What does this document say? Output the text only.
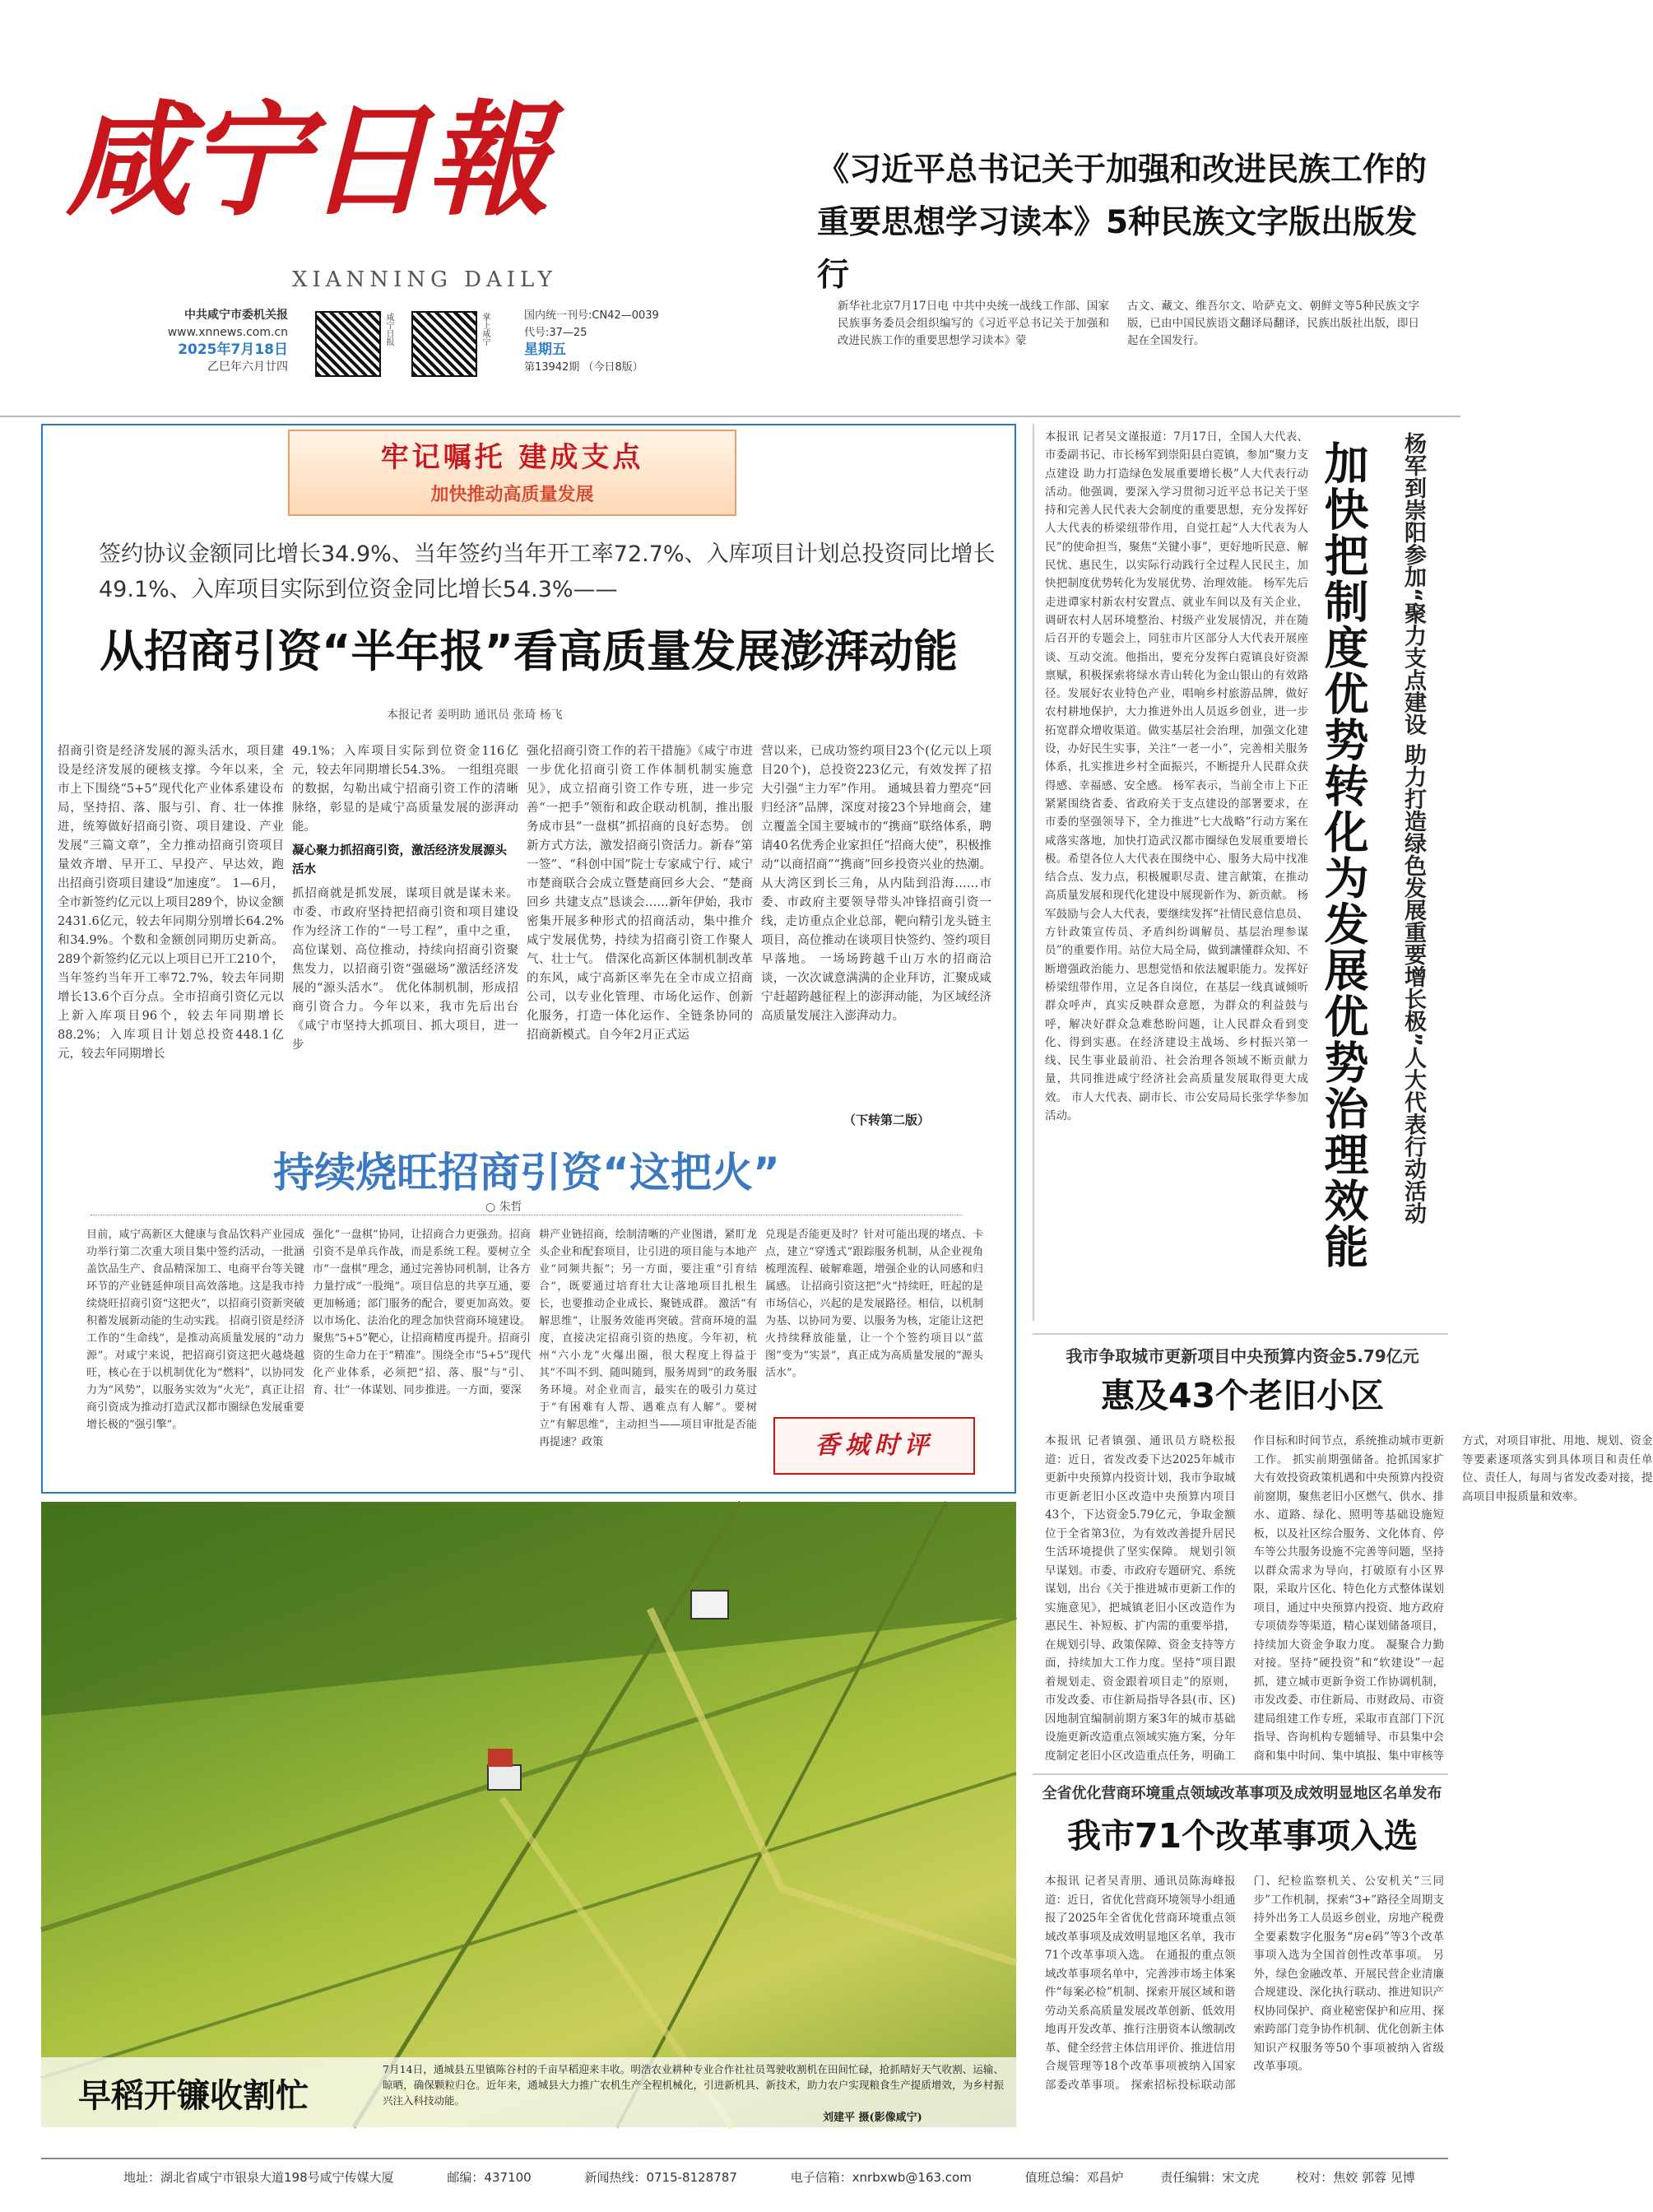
咸宁日報
XIANNING DAILY
中共咸宁市委机关报
www.xnnews.com.cn
2025年7月18日
乙巳年六月廿四
咸宁日报	掌上咸宁	国内统一刊号:CN42—0039
代号:37—25
星期五
第13942期 （今日8版）
《习近平总书记关于加强和改进民族工作的
重要思想学习读本》5种民族文字版出版发行
新华社北京7月17日电 中共中央统一战线工作部、国家民族事务委员会组织编写的《习近平总书记关于加强和改进民族工作的重要思想学习读本》蒙
古文、藏文、维吾尔文、哈萨克文、朝鲜文等5种民族文字版，已由中国民族语文翻译局翻译，民族出版社出版，即日起在全国发行。
牢记嘱托 建成支点
加快推动高质量发展
签约协议金额同比增长34.9%、当年签约当年开工率72.7%、入库项目计划总投资同比增长49.1%、入库项目实际到位资金同比增长54.3%——
从招商引资“半年报”看高质量发展澎湃动能
本报记者 姜明助 通讯员 张琦 杨飞
招商引资是经济发展的源头活水，项目建设是经济发展的硬核支撑。今年以来，全市上下围绕“5+5”现代化产业体系建设布局，坚持招、落、服与引、育、壮一体推进，统筹做好招商引资、项目建设、产业发展“三篇文章”，全力推动招商引资项目量效齐增、早开工、早投产、早达效，跑出招商引资项目建设“加速度”。 1—6月，全市新签约亿元以上项目289个，协议金额2431.6亿元，较去年同期分别增长64.2%和34.9%。个数和金额创同期历史新高。289个新签约亿元以上项目已开工210个，当年签约当年开工率72.7%，较去年同期增长13.6个百分点。全市招商引资亿元以上新入库项目96个，较去年同期增长88.2%；入库项目计划总投资448.1亿元，较去年同期增长
49.1%；入库项目实际到位资金116亿元，较去年同期增长54.3%。 一组组亮眼的数据，勾勒出咸宁招商引资工作的清晰脉络，彰显的是咸宁高质量发展的澎湃动能。
凝心聚力抓招商引资，激活经济发展源头活水
抓招商就是抓发展，谋项目就是谋未来。 市委、市政府坚持把招商引资和项目建设作为经济工作的“一号工程”，重中之重，高位谋划、高位推动，持续向招商引资聚焦发力，以招商引资“强磁场”激活经济发展的“源头活水”。 优化体制机制，形成招商引资合力。今年以来，我市先后出台《咸宁市坚持大抓项目、抓大项目，进一步
强化招商引资工作的若干措施》《咸宁市进一步优化招商引资工作体制机制实施意见》，成立招商引资工作专班，进一步完善“一把手”领衔和政企联动机制，推出服务成市县“一盘棋”抓招商的良好态势。 创新方式方法，激发招商引资活力。新春“第一签”、“科创中国”院士专家咸宁行、咸宁市楚商联合会成立暨楚商回乡大会、“楚商回乡 共建支点”恳谈会……新年伊始，我市密集开展多种形式的招商活动，集中推介咸宁发展优势，持续为招商引资工作聚人气、壮士气。 借深化高新区体制机制改革的东风，咸宁高新区率先在全市成立招商公司，以专业化管理、市场化运作、创新化服务，打造一体化运作、全链条协同的招商新模式。自今年2月正式运
营以来，已成功签约项目23个(亿元以上项目20个)，总投资223亿元，有效发挥了招大引强“主力军”作用。 通城县着力塑亮“回归经济”品牌，深度对接23个异地商会，建立覆盖全国主要城市的“携商”联络体系，聘请40名优秀企业家担任“招商大使”，积极推动“以商招商”“携商”回乡投资兴业的热潮。 从大湾区到长三角，从内陆到沿海……市委、市政府主要领导带头冲锋招商引资一线，走访重点企业总部，靶向精引龙头链主项目，高位推动在谈项目快签约、签约项目早落地。 一场场跨越千山万水的招商洽谈，一次次诚意满满的企业拜访，汇聚成咸宁赶超跨越征程上的澎湃动能，为区域经济高质量发展注入澎湃动力。
（下转第二版）
持续烧旺招商引资“这把火”
○ 朱哲
目前，咸宁高新区大健康与食品饮料产业园成功举行第二次重大项目集中签约活动，一批涵盖饮品生产、食品精深加工、电商平台等关键环节的产业链延伸项目高效落地。这是我市持续烧旺招商引资“这把火”，以招商引资新突破积蓄发展新动能的生动实践。 招商引资是经济工作的“生命线”，是推动高质量发展的“动力源”。对咸宁来说，把招商引资这把火越烧越旺，核心在于以机制优化为“燃料”，以协同发力为“风势”，以服务实效为“火光”，真正让招商引资成为推动打造武汉都市圈绿色发展重要增长极的“强引擎”。
强化“一盘棋”协同，让招商合力更强劲。招商引资不是单兵作战，而是系统工程。要树立全市“一盘棋”理念，通过完善协同机制，让各方力量拧成“一股绳”。项目信息的共享互通，要更加畅通；部门服务的配合，要更加高效。要以市场化、法治化的理念加快营商环境建设。 聚焦“5+5”靶心，让招商精度再提升。招商引资的生命力在于“精准”。围绕全市“5+5”现代化产业体系，必须把“招、落、服”与“引、育、壮”一体谋划、同步推进。一方面，要深
耕产业链招商，绘制清晰的产业图谱，紧盯龙头企业和配套项目，让引进的项目能与本地产业“同频共振”；另一方面，要注重“引育结合”，既要通过培育壮大让落地项目扎根生长，也要推动企业成长、聚链成群。 激活“有解思维”，让服务效能再突破。营商环境的温度，直接决定招商引资的热度。今年初，杭州“六小龙”火爆出圈，很大程度上得益于其“不叫不到、随叫随到，服务周到”的政务服务环境。对企业而言，最实在的吸引力莫过于“有困难有人帮、遇难点有人解”。要树立“有解思维”，主动担当——项目审批是否能再提速？政策
兑现是否能更及时？针对可能出现的堵点、卡点，建立“穿透式”跟踪服务机制，从企业视角梳理流程、破解难题，增强企业的认同感和归属感。 让招商引资这把“火”持续旺，旺起的是市场信心，兴起的是发展路径。相信，以机制为基、以协同为要、以服务为核，定能让这把火持续释放能量，让一个个签约项目以“蓝图”变为“实景”，真正成为高质量发展的“源头活水”。
香城时评
早稻开镰收割忙
7月14日，通城县五里镇陈谷村的千亩早稻迎来丰收。明浩农业耕种专业合作社社员驾驶收割机在田间忙碌，抢抓晴好天气收割、运输、晾晒，确保颗粒归仓。近年来，通城县大力推广农机生产全程机械化，引进新机具、新技术，助力农户实现粮食生产提质增效，为乡村振兴注入科技动能。
刘建平 摄(影像咸宁)
杨军到崇阳参加“聚力支点建设 助力打造绿色发展重要增长极”人大代表行动活动
加快把制度优势转化为发展优势治理效能
本报讯 记者吴文谨报道：7月17日，全国人大代表、市委副书记、市长杨军到崇阳县白霓镇，参加“聚力支点建设 助力打造绿色发展重要增长极”人大代表行动活动。他强调，要深入学习贯彻习近平总书记关于坚持和完善人民代表大会制度的重要思想，充分发挥好人大代表的桥梁纽带作用，自觉扛起“人大代表为人民”的使命担当，聚焦“关键小事”，更好地听民意、解民忧、惠民生，以实际行动践行全过程人民民主，加快把制度优势转化为发展优势、治理效能。 杨军先后走进谭家村新农村安置点、就业车间以及有关企业，调研农村人居环境整治、村级产业发展情况，并在随后召开的专题会上，同驻市片区部分人大代表开展座谈、互动交流。他指出，要充分发挥白霓镇良好资源禀赋，积极探索将绿水青山转化为金山银山的有效路径。发展好农业特色产业，唱响乡村旅游品牌，做好农村耕地保护，大力推进外出人员返乡创业，进一步拓宽群众增收渠道。做实基层社会治理，加强文化建设，办好民生实事，关注“一老一小”，完善相关服务体系，扎实推进乡村全面振兴，不断提升人民群众获得感、幸福感、安全感。 杨军表示，当前全市上下正紧紧围绕省委、省政府关于支点建设的部署要求，在市委的坚强领导下，全力推进“七大战略”行动方案在咸落实落地，加快打造武汉都市圈绿色发展重要增长极。希望各位人大代表在围绕中心、服务大局中找准结合点、发力点，积极履职尽责、建言献策，在推动高质量发展和现代化建设中展现新作为、新贡献。 杨军鼓励与会人大代表，要继续发挥“社情民意信息员、方针政策宣传员、矛盾纠纷调解员、基层治理参谋员”的重要作用。站位大局全局，做到讓懂群众知、不断增强政治能力、思想觉悟和依法履职能力。发挥好桥梁纽带作用，立足各自岗位，在基层一线真诚倾听群众呼声，真实反映群众意愿，为群众的利益鼓与呼，解决好群众急难愁盼问题，让人民群众看到变化、得到实惠。在经济建设主战场、乡村振兴第一线、民生事业最前沿、社会治理各领域不断贡献力量，共同推进咸宁经济社会高质量发展取得更大成效。 市人大代表、副市长、市公安局局长张学华参加活动。
我市争取城市更新项目中央预算内资金5.79亿元
惠及43个老旧小区
本报讯 记者镇强、通讯员方晓松报道：近日，省发改委下达2025年城市更新中央预算内投资计划，我市争取城市更新老旧小区改造中央预算内项目43个，下达资金5.79亿元，争取金额位于全省第3位，为有效改善提升居民生活环境提供了坚实保障。 规划引领早谋划。市委、市政府专题研究、系统谋划，出台《关于推进城市更新工作的实施意见》，把城镇老旧小区改造作为惠民生、补短板、扩内需的重要举措，在规划引导、政策保障、资金支持等方面，持续加大工作力度。坚持“项目跟着规划走、资金跟着项目走”的原则，市发改委、市住新局指导各县(市、区)因地制宜编制前期方案3年的城市基础设施更新改造重点领域实施方案，分年度制定老旧小区改造重点任务，明确工作目标和时间节点，系统推动城市更新工作。 抓实前期强储备。抢抓国家扩大有效投资政策机遇和中央预算内投资前窗期，聚焦老旧小区燃气、供水、排水、道路、绿化、照明等基础设施短板，以及社区综合服务、文化体育、停车等公共服务设施不完善等问题，坚持以群众需求为导向，打破原有小区界限，采取片区化、特色化方式整体谋划项目，通过中央预算内投资、地方政府专项债券等渠道，精心谋划储备项目，持续加大资金争取力度。 凝聚合力勤对接。坚持“硬投资”和“软建设”一起抓，建立城市更新争资工作协调机制，市发改委、市住新局、市财政局、市资建局组建工作专班，采取市直部门下沉指导、咨询机构专题辅导、市县集中会商和集中时间、集中填报、集中审核等方式，对项目审批、用地、规划、资金等要素逐项落实到具体项目和责任单位、责任人，每周与省发改委对接，提高项目申报质量和效率。
全省优化营商环境重点领域改革事项及成效明显地区名单发布
我市71个改革事项入选
本报讯 记者吴青朋、通讯员陈海峰报道：近日，省优化营商环境领导小组通报了2025年全省优化营商环境重点领域改革事项及成效明显地区名单，我市71个改革事项入选。 在通报的重点领域改革事项名单中，完善涉市场主体案件“每案必检”机制、探索开展区域和谐劳动关系高质量发展改革创新、低效用地再开发改革、推行注册资本认缴制改革、健全经营主体信用评价、推进信用合规管理等18个改革事项被纳入国家部委改革事项。 探索招标投标联动部门、纪检监察机关、公安机关“三同步”工作机制，探索“3+”路径全周期支持外出务工人员返乡创业，房地产税费全要素数字化服务“房e码”等3个改革事项入选为全国首创性改革事项。 另外，绿色金融改革、开展民营企业清廉合规建设、深化执行联动、推进知识产权协同保护、商业秘密保护和应用、探索跨部门竞争协作机制、优化创新主体知识产权服务等50个事项被纳入省级改革事项。
地址：湖北省咸宁市银泉大道198号咸宁传媒大厦	邮编：437100	新闻热线：0715-8128787	电子信箱：xnrbxwb@163.com	值班总编：邓昌炉	责任编辑：宋文虎	校对：焦姣 郭蓉 见博
